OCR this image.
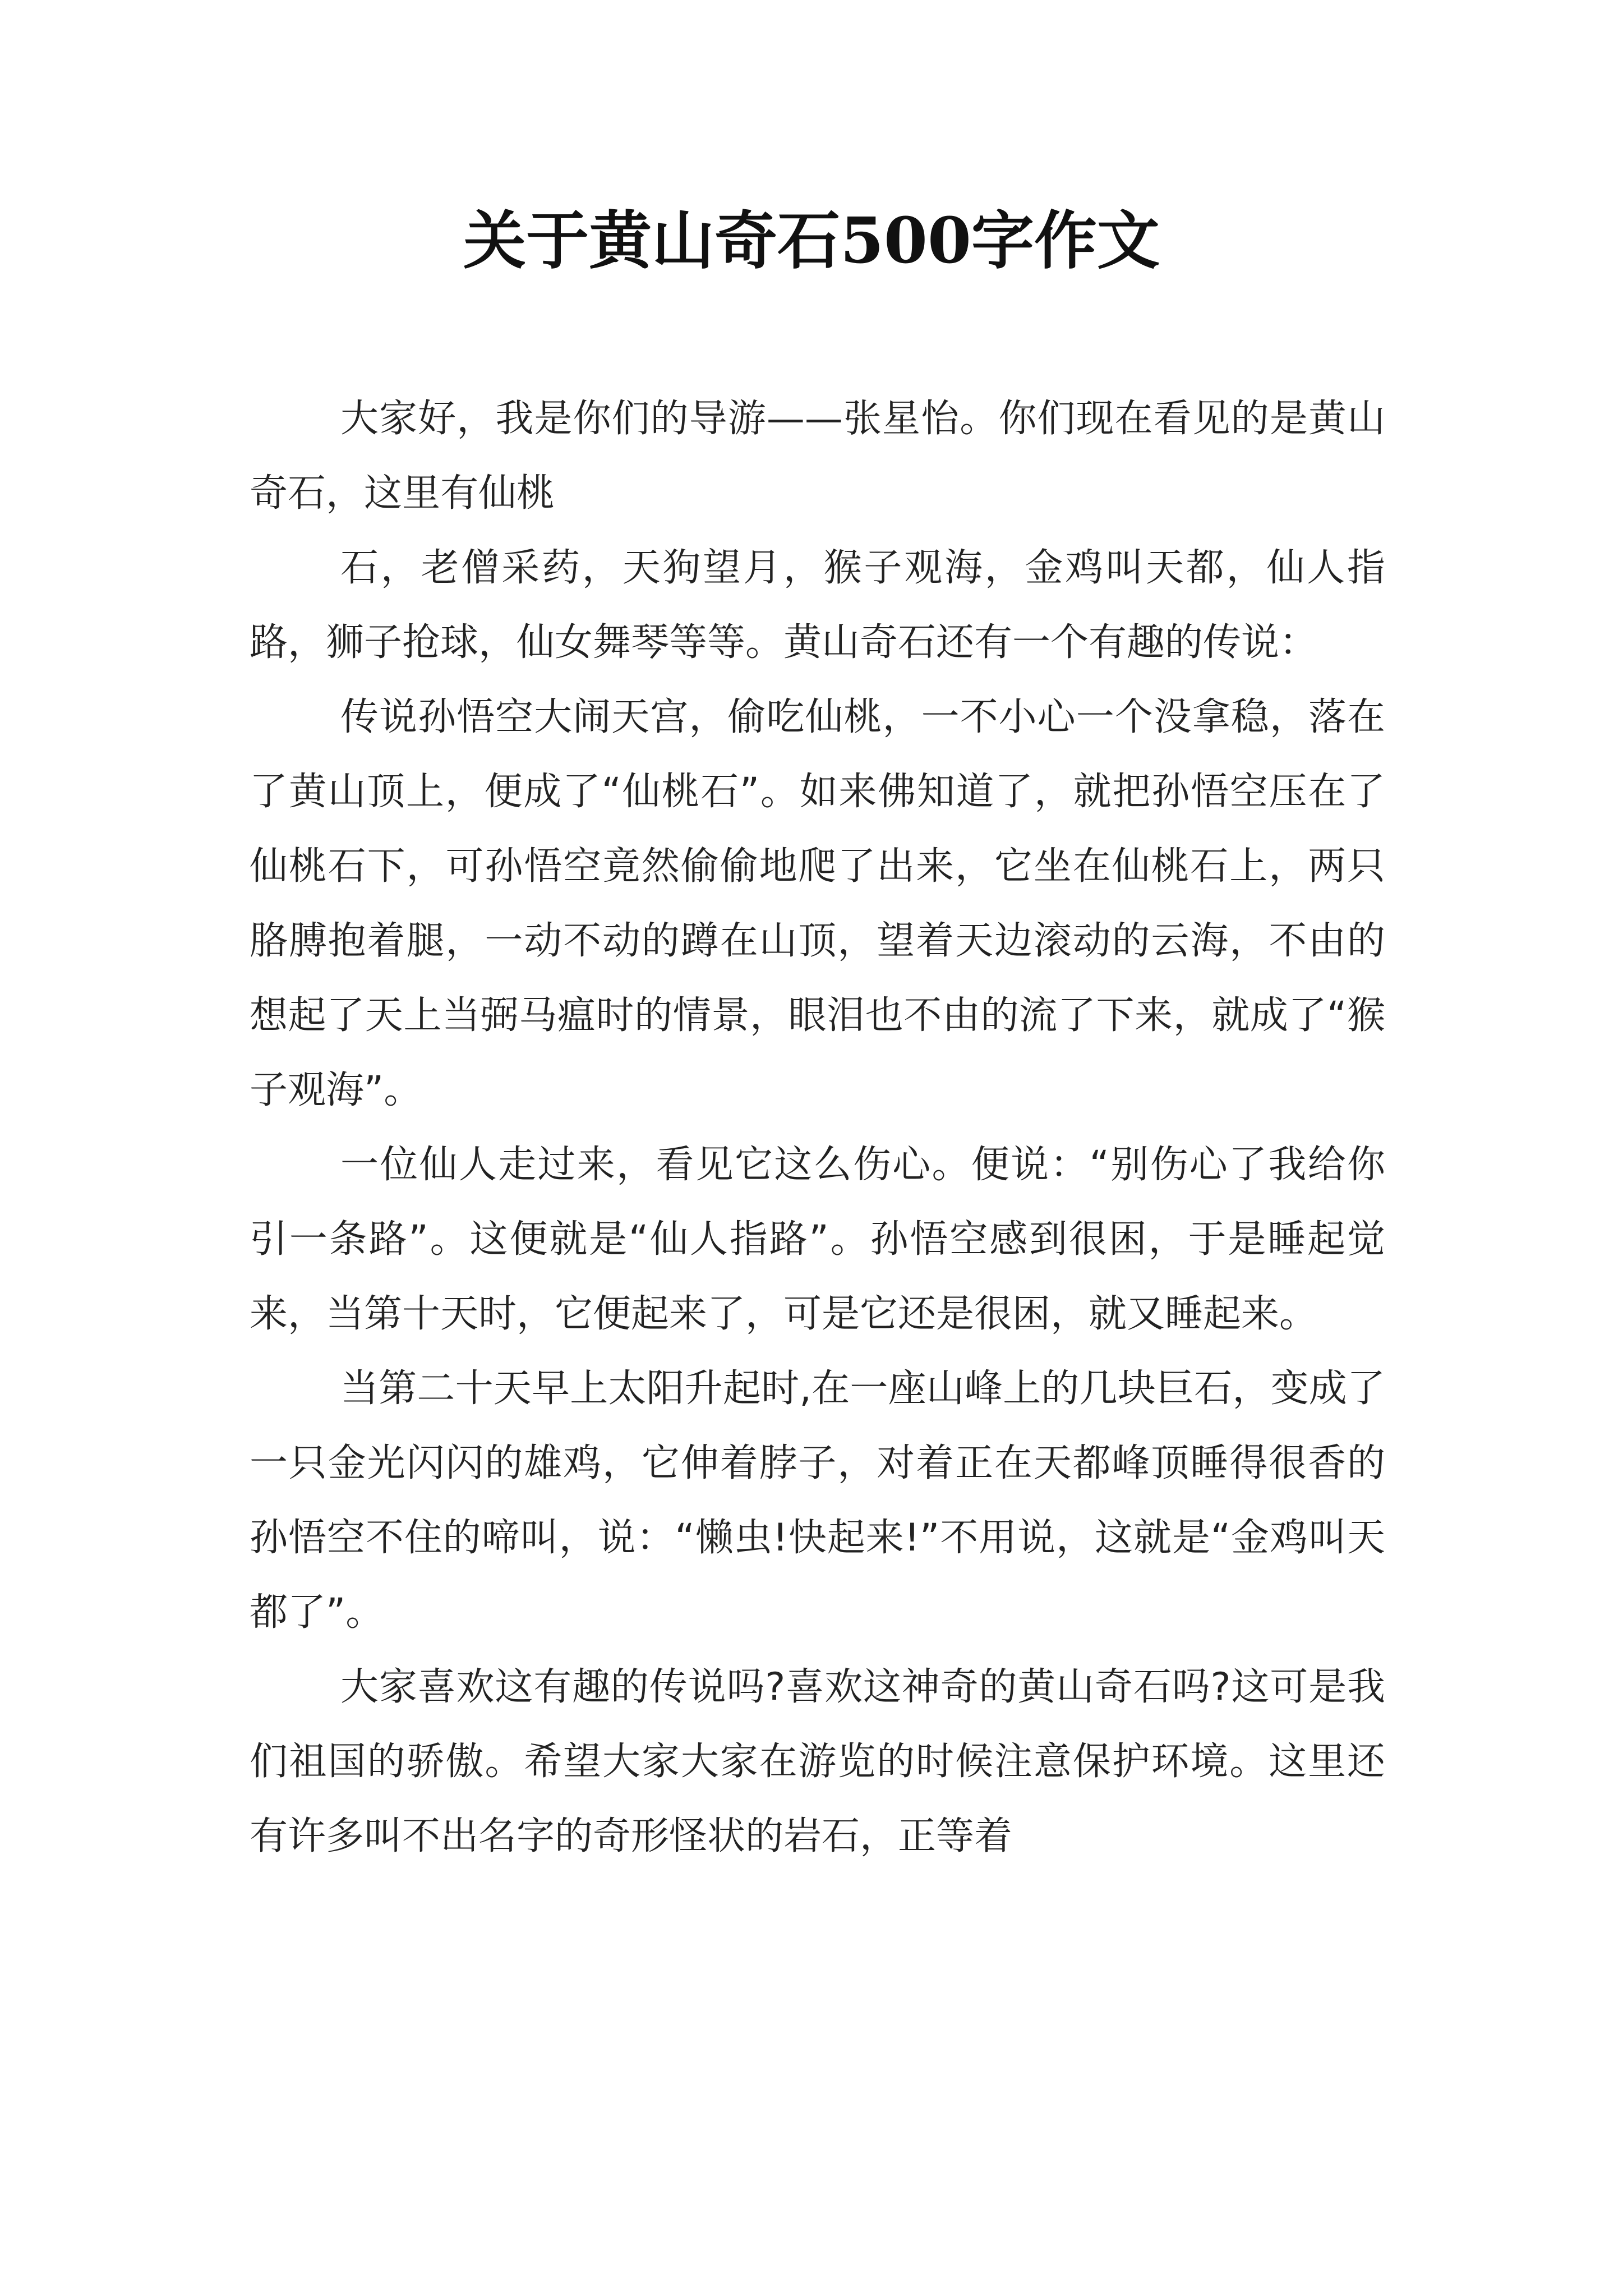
关于黄山奇石500字作文

大家好，我是你们的导游——张星怡。你们现在看见的是黄山奇石，这里有仙桃

石，老僧采药，天狗望月，猴子观海，金鸡叫天都，仙人指路，狮子抢球，仙女舞琴等等。黄山奇石还有一个有趣的传说：

传说孙悟空大闹天宫，偷吃仙桃，一不小心一个没拿稳，落在了黄山顶上，便成了“仙桃石”。如来佛知道了，就把孙悟空压在了仙桃石下，可孙悟空竟然偷偷地爬了出来，它坐在仙桃石上，两只胳膊抱着腿，一动不动的蹲在山顶，望着天边滚动的云海，不由的想起了天上当弼马瘟时的情景，眼泪也不由的流了下来，就成了“猴子观海”。

一位仙人走过来，看见它这么伤心。便说：“别伤心了我给你引一条路”。这便就是“仙人指路”。孙悟空感到很困，于是睡起觉来，当第十天时，它便起来了，可是它还是很困，就又睡起来。

当第二十天早上太阳升起时,在一座山峰上的几块巨石，变成了一只金光闪闪的雄鸡，它伸着脖子，对着正在天都峰顶睡得很香的孙悟空不住的啼叫，说：“懒虫!快起来!”不用说，这就是“金鸡叫天都了”。

大家喜欢这有趣的传说吗?喜欢这神奇的黄山奇石吗?这可是我们祖国的骄傲。希望大家大家在游览的时候注意保护环境。这里还有许多叫不出名字的奇形怪状的岩石，正等着
